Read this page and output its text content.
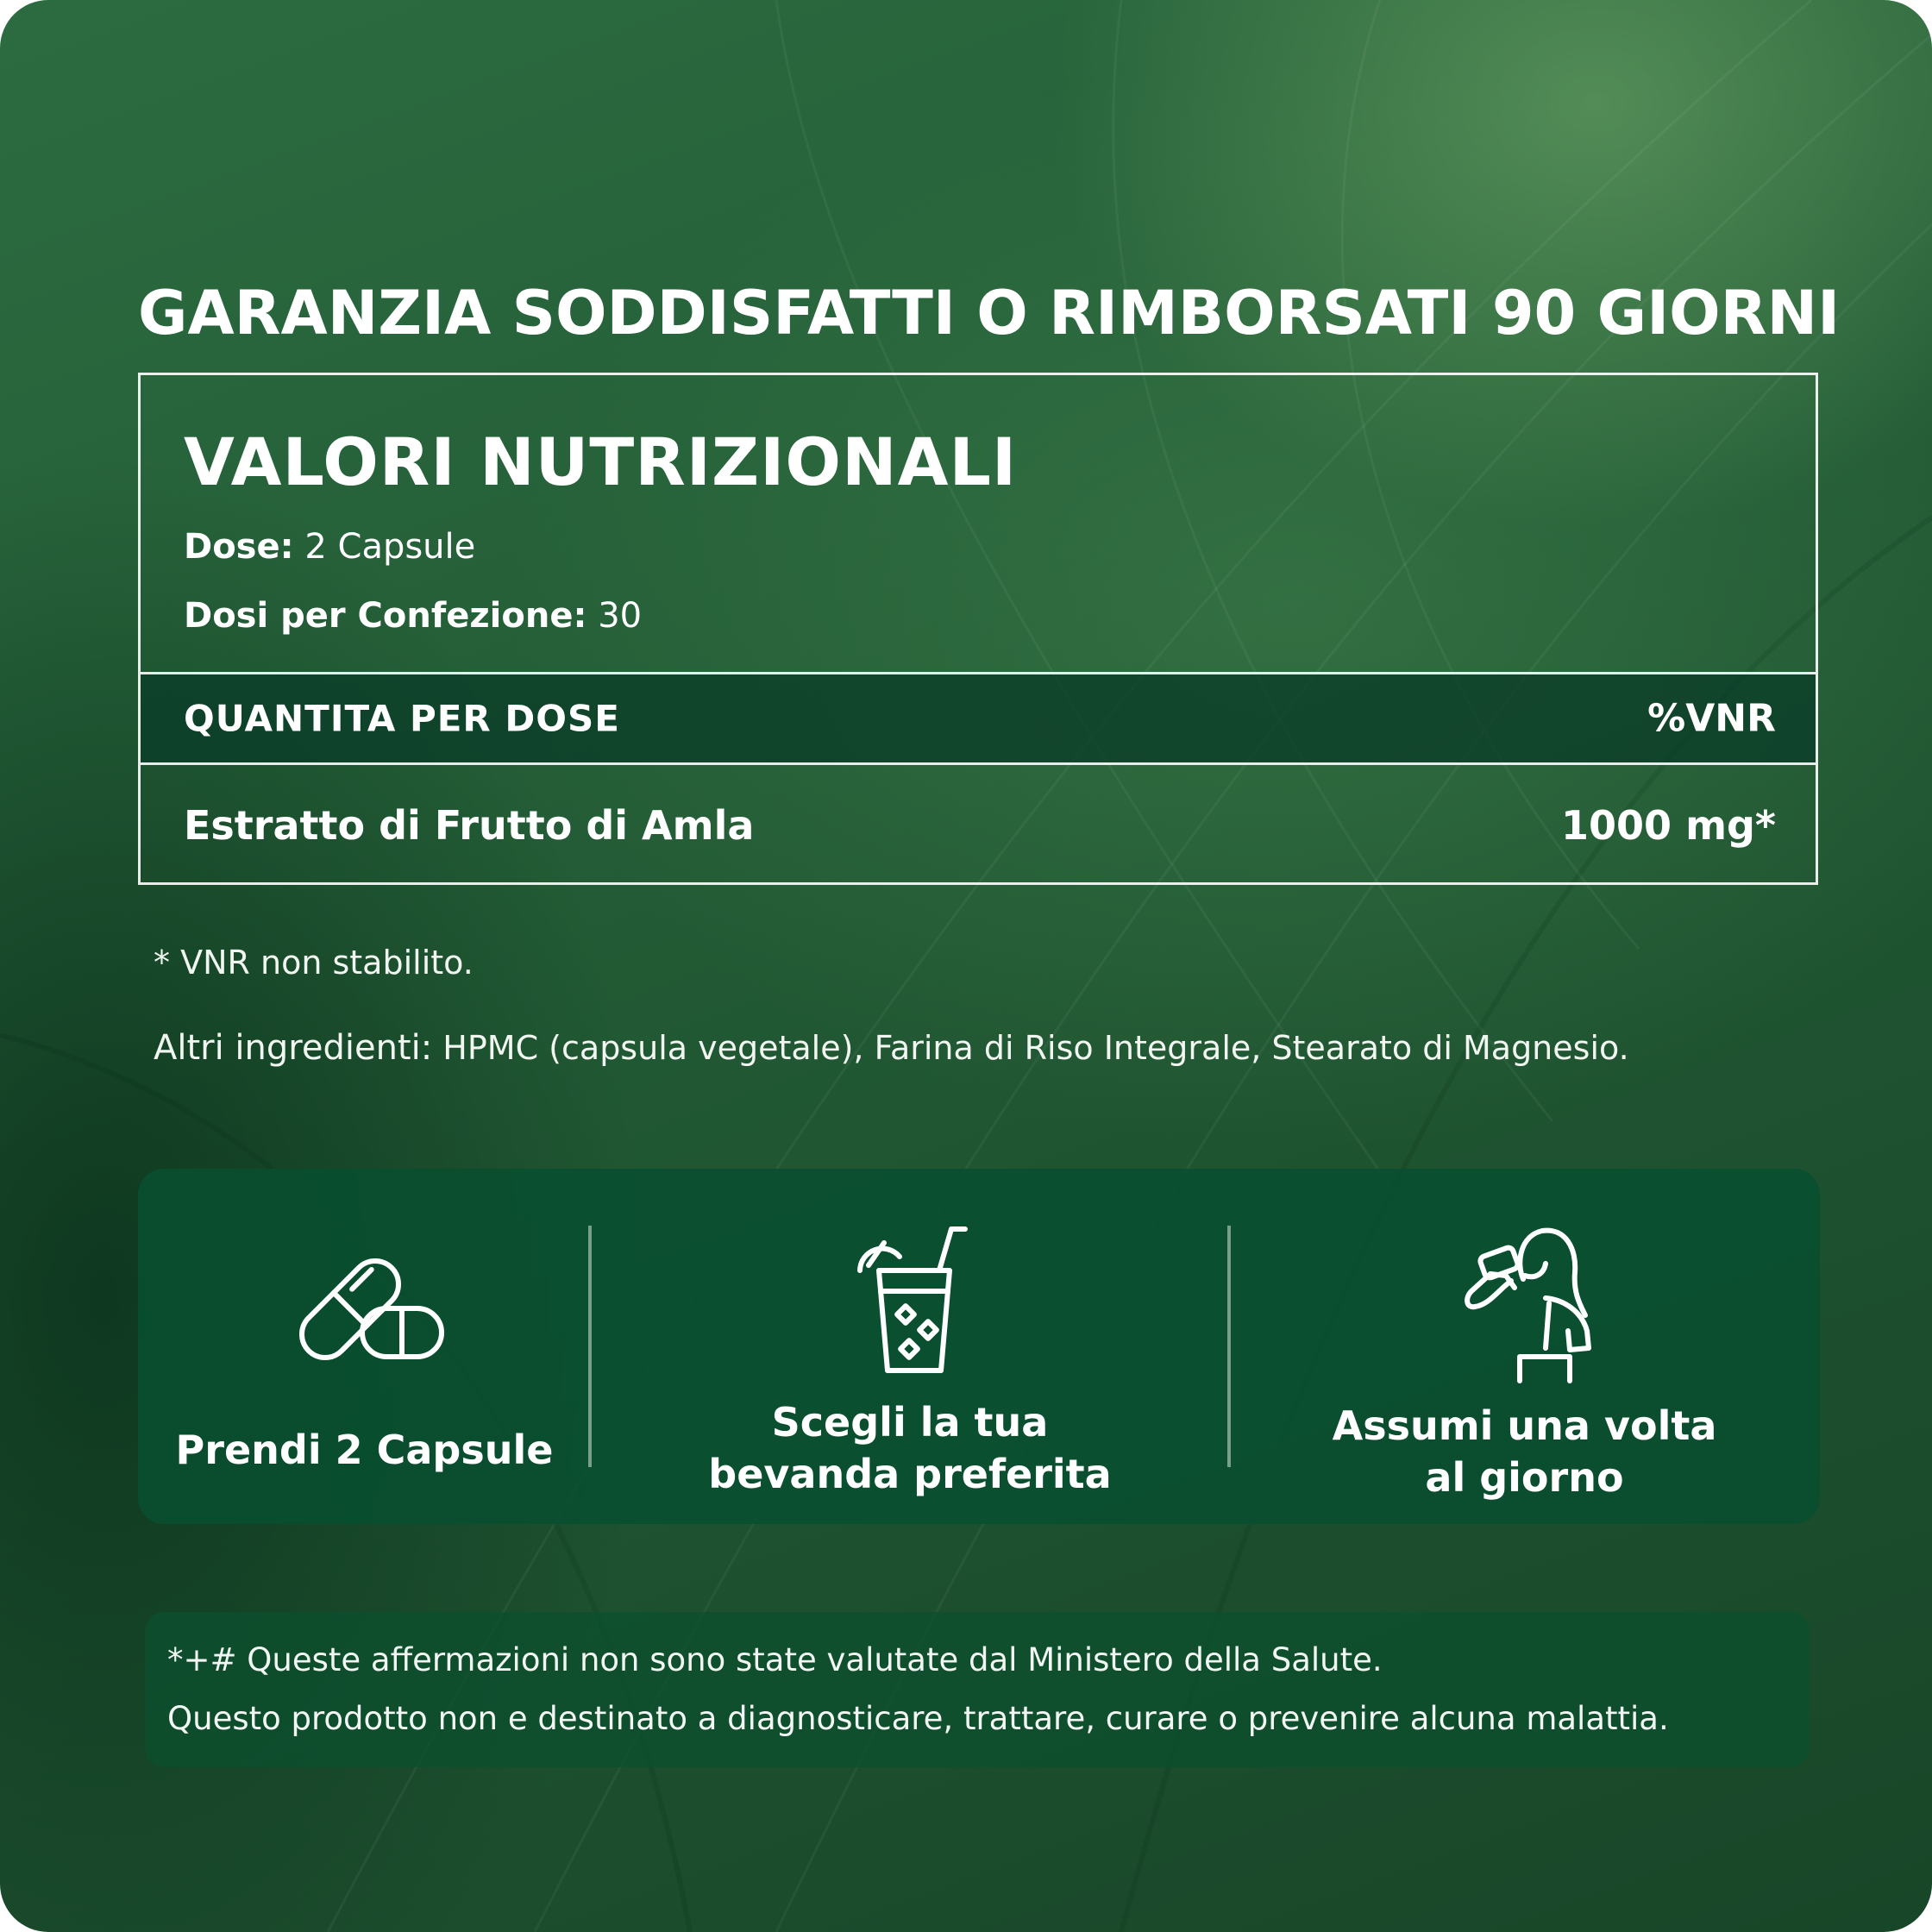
GARANZIA SODDISFATTI O RIMBORSATI 90 GIORNI
VALORI NUTRIZIONALI
Dose: 2 Capsule
Dosi per Confezione: 30
QUANTITA PER DOSE	%VNR
Estratto di Frutto di Amla	1000 mg*
* VNR non stabilito.
Altri ingredienti: HPMC (capsula vegetale), Farina di Riso Integrale, Stearato di Magnesio.
Prendi 2 Capsule
Scegli la tua
bevanda preferita
Assumi una volta
al giorno
*+# Queste affermazioni non sono state valutate dal Ministero della Salute.
Questo prodotto non e destinato a diagnosticare, trattare, curare o prevenire alcuna malattia.
